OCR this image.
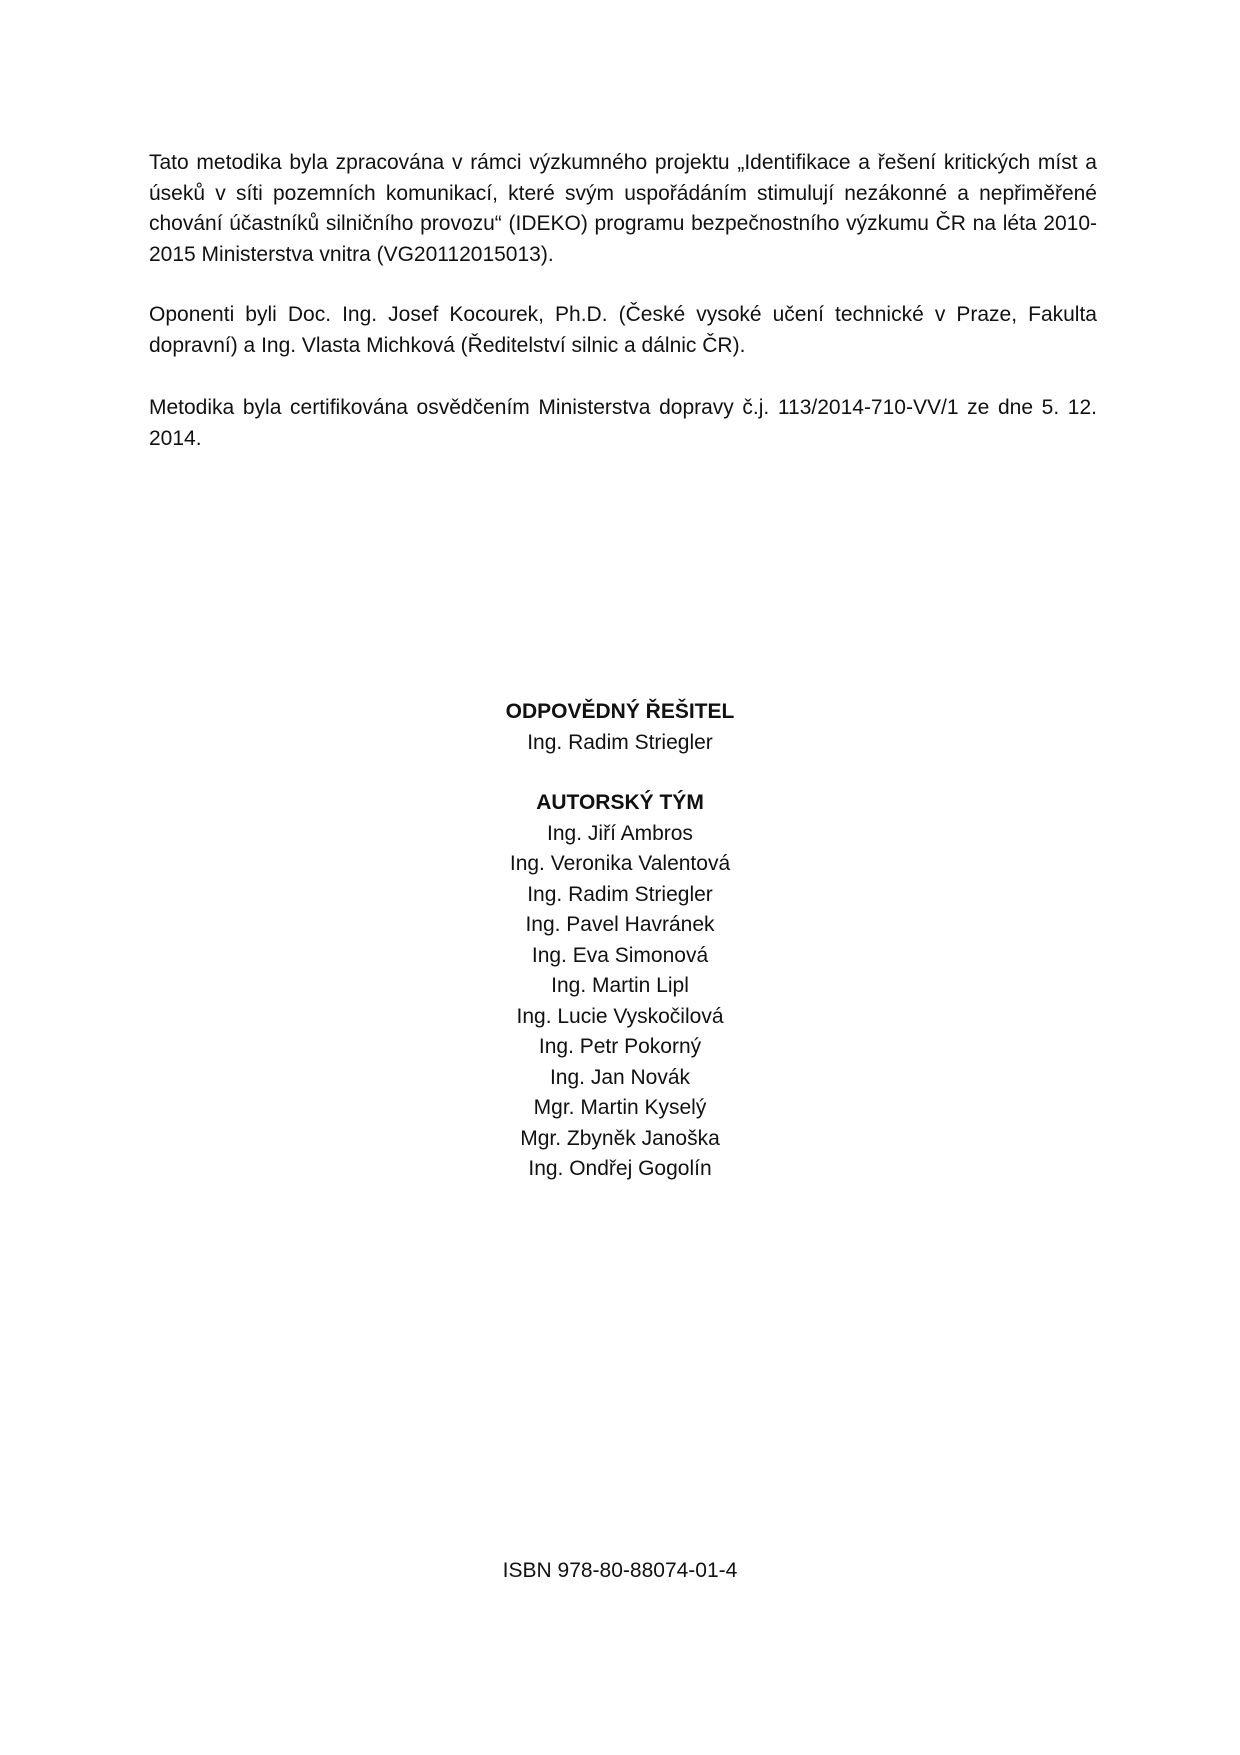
Tato metodika byla zpracována v rámci výzkumného projektu „Identifikace a řešení kritických míst a úseků v síti pozemních komunikací, které svým uspořádáním stimulují nezákonné a nepřiměřené chování účastníků silničního provozu“ (IDEKO) programu bezpečnostního výzkumu ČR na léta 2010-2015 Ministerstva vnitra (VG20112015013).

Oponenti byli Doc. Ing. Josef Kocourek, Ph.D. (České vysoké učení technické v Praze, Fakulta dopravní) a Ing. Vlasta Michková (Ředitelství silnic a dálnic ČR).

Metodika byla certifikována osvědčením Ministerstva dopravy č.j. 113/2014-710-VV/1 ze dne 5. 12. 2014.

ODPOVĚDNÝ ŘEŠITEL

Ing. Radim Striegler

AUTORSKÝ TÝM

Ing. Jiří Ambros
Ing. Veronika Valentová
Ing. Radim Striegler
Ing. Pavel Havránek
Ing. Eva Simonová
Ing. Martin Lipl
Ing. Lucie Vyskočilová
Ing. Petr Pokorný
Ing. Jan Novák
Mgr. Martin Kyselý
Mgr. Zbyněk Janoška
Ing. Ondřej Gogolín

ISBN 978-80-88074-01-4
